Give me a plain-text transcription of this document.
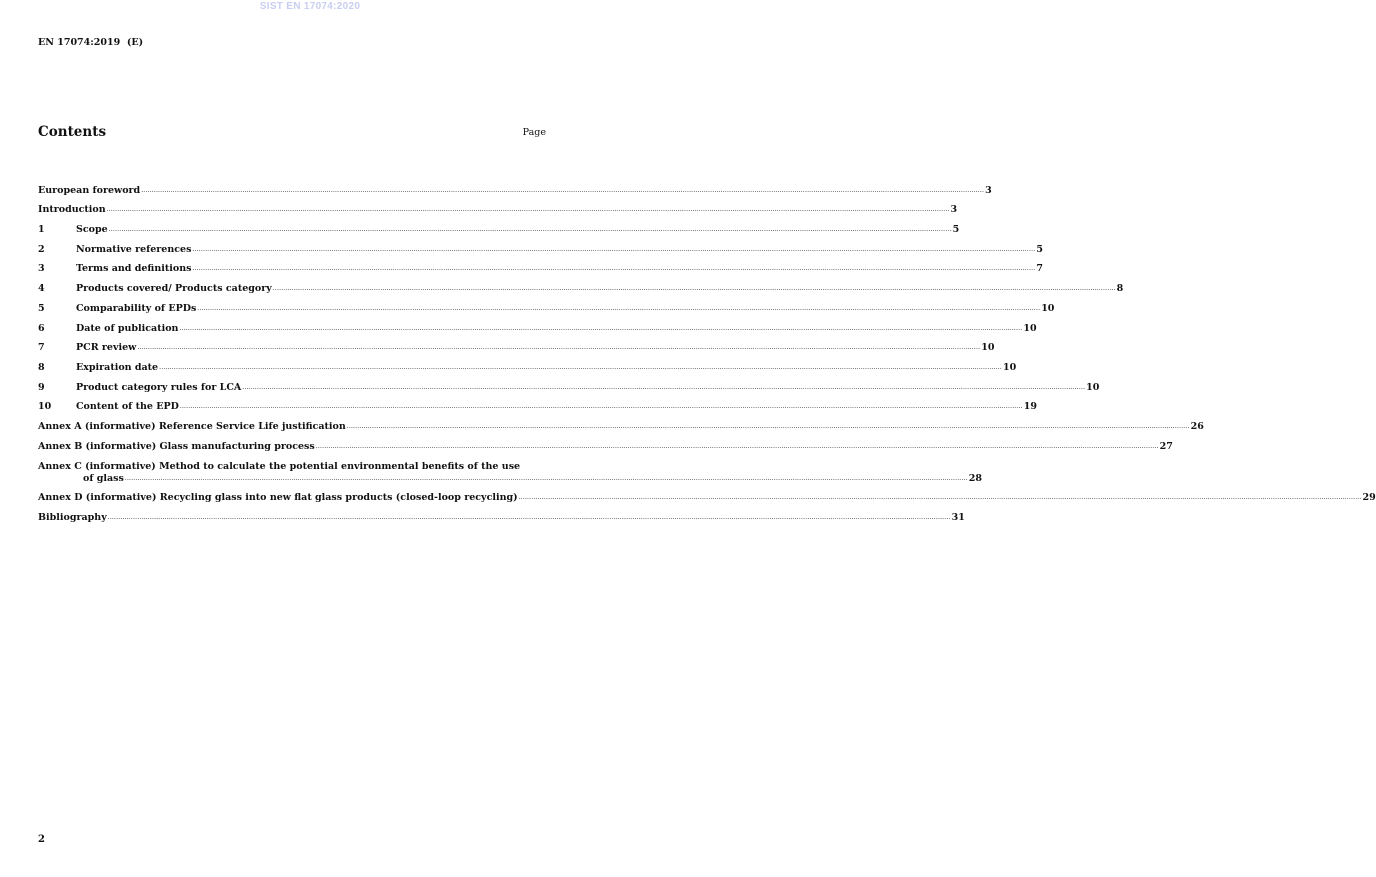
SIST EN 17074:2020
EN 17074:2019  (E)
Contents	Page
European foreword ................................................................................................................................................................................................................................................................................................................................................................................................................ 3
Introduction ................................................................................................................................................................................................................................................................................................................................................................................................................ 3
1	Scope ................................................................................................................................................................................................................................................................................................................................................................................................................ 5
2	Normative references ................................................................................................................................................................................................................................................................................................................................................................................................................ 5
3	Terms and definitions ................................................................................................................................................................................................................................................................................................................................................................................................................ 7
4	Products covered/ Products category ................................................................................................................................................................................................................................................................................................................................................................................................................ 8
5	Comparability of EPDs ................................................................................................................................................................................................................................................................................................................................................................................................................ 10
6	Date of publication ................................................................................................................................................................................................................................................................................................................................................................................................................ 10
7	PCR review ................................................................................................................................................................................................................................................................................................................................................................................................................ 10
8	Expiration date ................................................................................................................................................................................................................................................................................................................................................................................................................ 10
9	Product category rules for LCA ................................................................................................................................................................................................................................................................................................................................................................................................................ 10
10	Content of the EPD ................................................................................................................................................................................................................................................................................................................................................................................................................ 19
Annex A (informative) Reference Service Life justification ................................................................................................................................................................................................................................................................................................................................................................................................................ 26
Annex B (informative) Glass manufacturing process ................................................................................................................................................................................................................................................................................................................................................................................................................ 27
Annex C (informative) Method to calculate the potential environmental benefits of the use
of glass ................................................................................................................................................................................................................................................................................................................................................................................................................ 28
Annex D (informative) Recycling glass into new flat glass products (closed-loop recycling) ................................................................................................................................................................................................................................................................................................................................................................................................................ 29
Bibliography ................................................................................................................................................................................................................................................................................................................................................................................................................ 31
2
